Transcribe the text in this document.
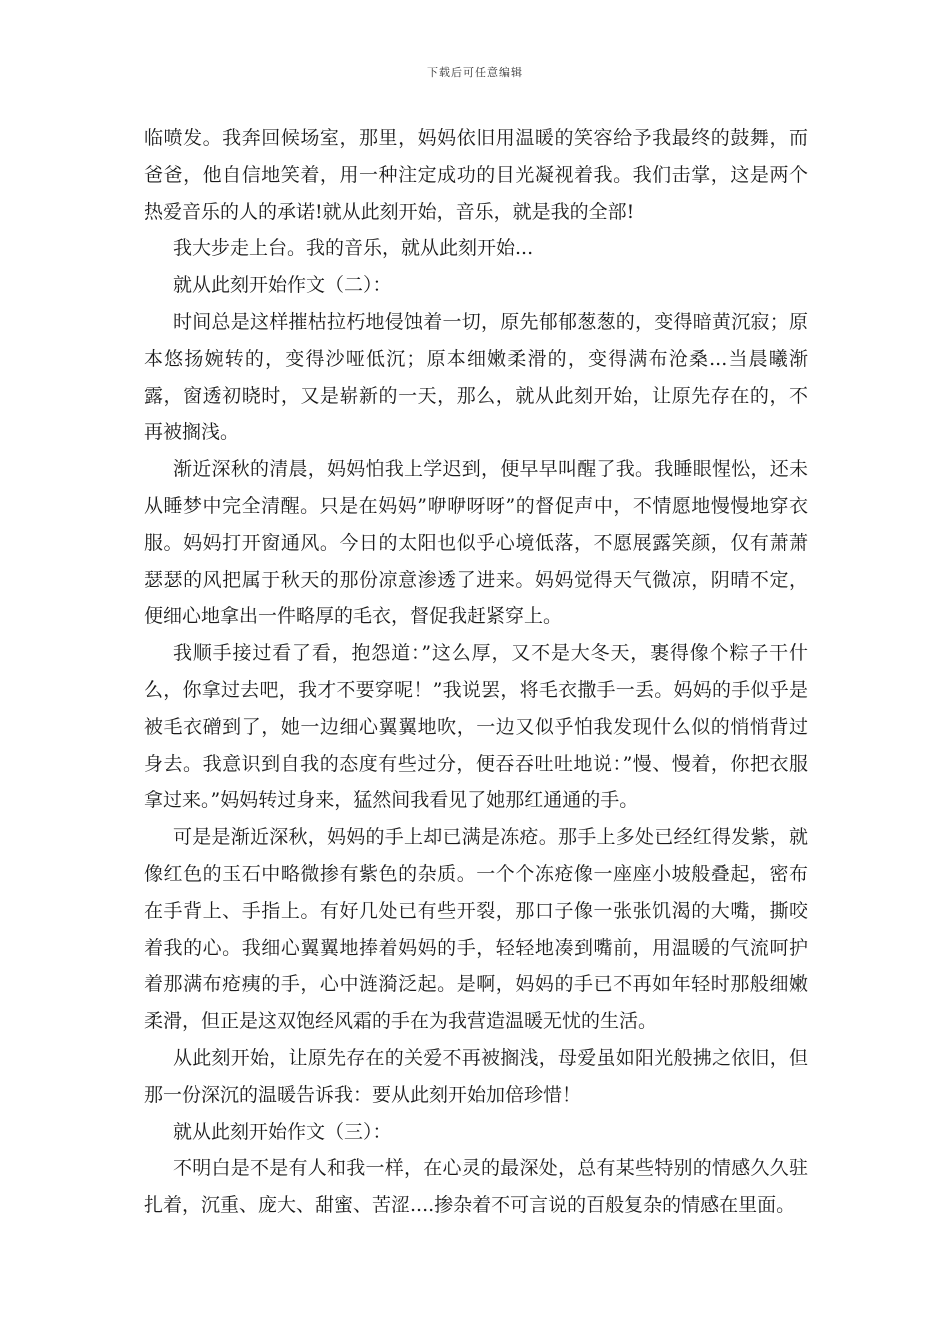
下载后可任意编辑

临喷发。我奔回候场室，那里，妈妈依旧用温暖的笑容给予我最终的鼓舞，而爸爸，他自信地笑着，用一种注定成功的目光凝视着我。我们击掌，这是两个热爱音乐的人的承诺!就从此刻开始，音乐，就是我的全部!

我大步走上台。我的音乐，就从此刻开始...

就从此刻开始作文（二）：

时间总是这样摧枯拉朽地侵蚀着一切，原先郁郁葱葱的，变得暗黄沉寂；原本悠扬婉转的，变得沙哑低沉；原本细嫩柔滑的，变得满布沧桑...当晨曦渐露，窗透初晓时，又是崭新的一天，那么，就从此刻开始，让原先存在的，不再被搁浅。

渐近深秋的清晨，妈妈怕我上学迟到，便早早叫醒了我。我睡眼惺忪，还未从睡梦中完全清醒。只是在妈妈”咿咿呀呀”的督促声中，不情愿地慢慢地穿衣服。妈妈打开窗通风。今日的太阳也似乎心境低落，不愿展露笑颜，仅有萧萧瑟瑟的风把属于秋天的那份凉意渗透了进来。妈妈觉得天气微凉，阴晴不定，便细心地拿出一件略厚的毛衣，督促我赶紧穿上。

我顺手接过看了看，抱怨道：”这么厚，又不是大冬天，裹得像个粽子干什么，你拿过去吧，我才不要穿呢！”我说罢，将毛衣撒手一丢。妈妈的手似乎是被毛衣磳到了，她一边细心翼翼地吹，一边又似乎怕我发现什么似的悄悄背过身去。我意识到自我的态度有些过分，便吞吞吐吐地说：”慢、慢着，你把衣服拿过来。”妈妈转过身来，猛然间我看见了她那红通通的手。

可是是渐近深秋，妈妈的手上却已满是冻疮。那手上多处已经红得发紫，就像红色的玉石中略微掺有紫色的杂质。一个个冻疮像一座座小坡般叠起，密布在手背上、手指上。有好几处已有些开裂，那口子像一张张饥渴的大嘴，撕咬着我的心。我细心翼翼地捧着妈妈的手，轻轻地凑到嘴前，用温暖的气流呵护着那满布疮痍的手，心中涟漪泛起。是啊，妈妈的手已不再如年轻时那般细嫩柔滑，但正是这双饱经风霜的手在为我营造温暖无忧的生活。

从此刻开始，让原先存在的关爱不再被搁浅，母爱虽如阳光般拂之依旧，但那一份深沉的温暖告诉我：要从此刻开始加倍珍惜！

就从此刻开始作文（三）：

不明白是不是有人和我一样，在心灵的最深处，总有某些特别的情感久久驻扎着，沉重、庞大、甜蜜、苦涩....掺杂着不可言说的百般复杂的情感在里面。
